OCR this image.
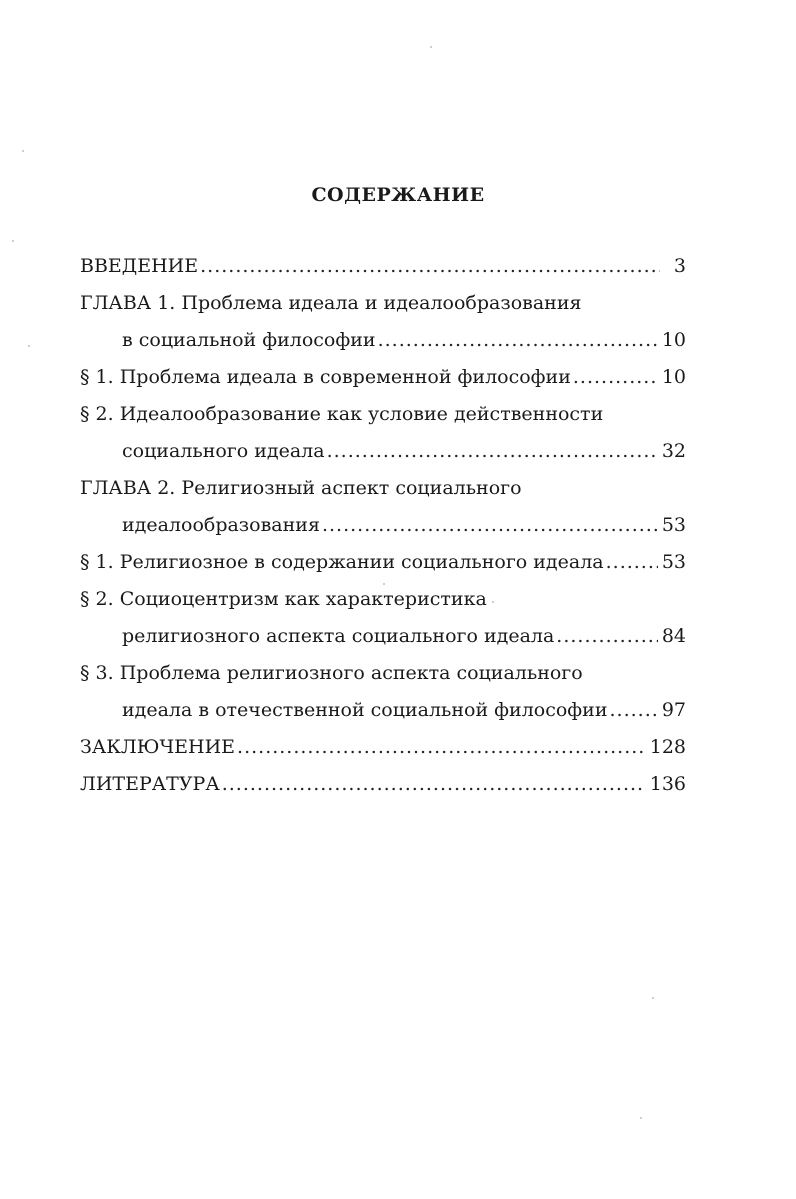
СОДЕРЖАНИЕ
ВВЕДЕНИЕ .....	3
ГЛАВА 1. Проблема идеала и идеалообразования
в социальной философии .....	10
§ 1. Проблема идеала в современной философии .....	10
§ 2. Идеалообразование как условие действенности
социального идеала .....	32
ГЛАВА 2. Религиозный аспект социального
идеалообразования .....	53
§ 1. Религиозное в содержании социального идеала .....	53
§ 2. Социоцентризм как характеристика
религиозного аспекта социального идеала .....	84
§ 3. Проблема религиозного аспекта социального
идеала в отечественной социальной философии .....	97
ЗАКЛЮЧЕНИЕ .....	128
ЛИТЕРАТУРА .....	136
